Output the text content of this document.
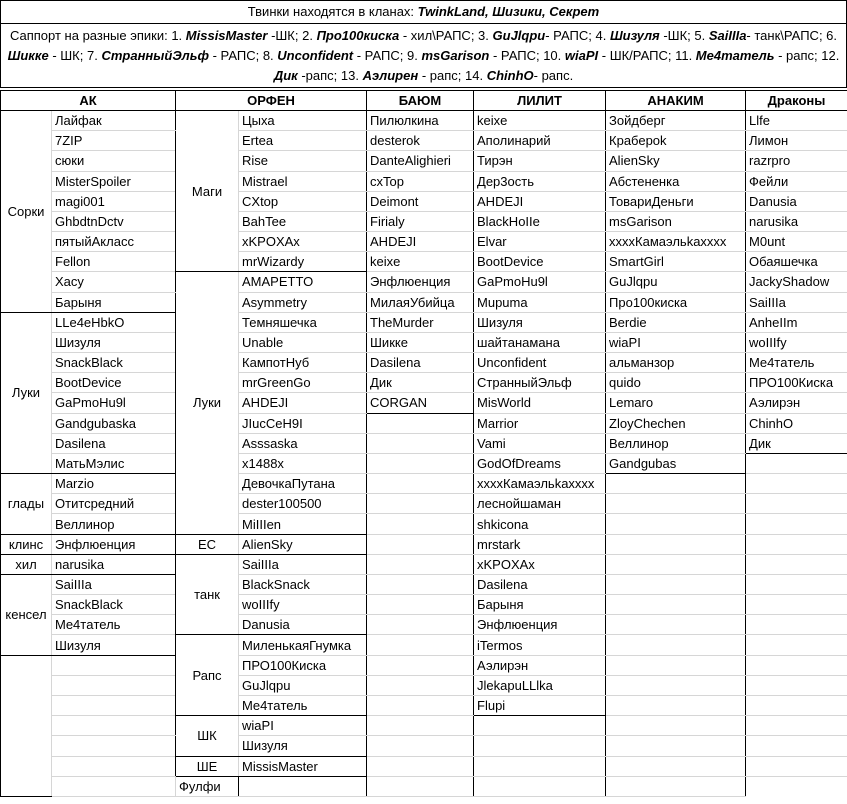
Твинки находятся в кланах: TwinkLand, Шизики, Секрет
Саппорт на разные эпики: 1. MissisMaster -ШК; 2. Про100киска - хил\РАПС; 3. GuJlqpu- РАПС; 4. Шизуля -ШК; 5. SaiIIIa- танк\РАПС; 6. Шикке - ШК; 7. СтранныйЭльф - РАПС; 8. Unconfident - РАПС; 9. msGarison - РАПС; 10. wiaPI - ШК/РАПС; 11. Me4mameль - рапс; 12. Дик -рапс; 13. Аэлирен - рапс; 14. ChinhO- рапс.
АК		ОРФЕН		БАЮМ	ЛИЛИТ	АНАКИМ	Драконы
Сорки	Лайфак	Маги	Цыха	Пилюлкина	keixe	Зойдберг	Llfe
	7ZIP		Ertea	desterok	Аполинарий	Краберok	Лимон
	сюки		Rise	DanteAlighieri	Тирэн	AlienSky	razrpro
	MisterSpoiler		Mistrael	cxTop	Дер3ость	Абстененка	Фейли
	magi001		CXtop	Deimont	AHDEJI	ТовариДеньги	Danusia
	GhbdtnDctv		BahTee	Firialy	BlackHoIIe	msGarison	narusika
	пятыйАкласс		xKPOXAx	AHDEJI	Elvar	xxxxКамаэльkaxxxx	M0unt
	Fellon		mrWizardy	keixe	BootDevice	SmartGirl	Обаяшечка
	Хасу	Луки	AMAPETTO	Энфлюенция	GaPmoHu9l	GuJlqpu	JackyShadow
	Барыня		Asymmetry	МилаяУбийца	Mupuma	Про100киска	SaiIIIa
Луки	LLe4eHbkO		Темняшечка	TheMurder	Шизуля	Berdie	AnheIIm
	Шизуля		Unable	Шикке	шайтанамана	wiaPI	woIIIfy
	SnackBlack		КампотНуб	Dasilena	Unconfident	альманзор	Me4тaтель
	BootDevice		mrGreenGo	Дик	СтранныйЭльф	quido	ПРО100Киска
	GaPmoHu9l		AHDEJI	CORGAN	MisWorld	Lemaro	Аэлирэн
	Gandgubaska		JIucCeH9I		Marrior	ZloyChechen	ChinhO
	Dasilena		Asssaska		Vami	Веллинор	Дик
	МатьМэлис		x1488x		GodOfDreams	Gandgubas	
глады	Marzio		ДевочкаПутана		xxxxКамаэльkaxxxx		
	Отитсредний		dester100500		леснойшаман		
	Веллинор		MiIIIen		shkicona		
клинс	Энфлюенция	ЕС	AlienSky		mrstark		
хил	narusika	танк	SaiIIIa		xKPOXAx		
кенсел	SaiIIIa		BlackSnack		Dasilena		
	SnackBlack		woIIIfy		Барыня		
	Me4тaтель		Danusia		Энфлюенция		
	Шизуля	Рапс	МиленькаяГнумка		iTermos		
			ПРО100Киска		Аэлирэн		
			GuJlqpu		JlekapuLLlka		
			Me4тaтель		Flupi		
		ШК	wiaPI				
			Шизуля				
		ШЕ	MissisMaster				
		Фулфи					
